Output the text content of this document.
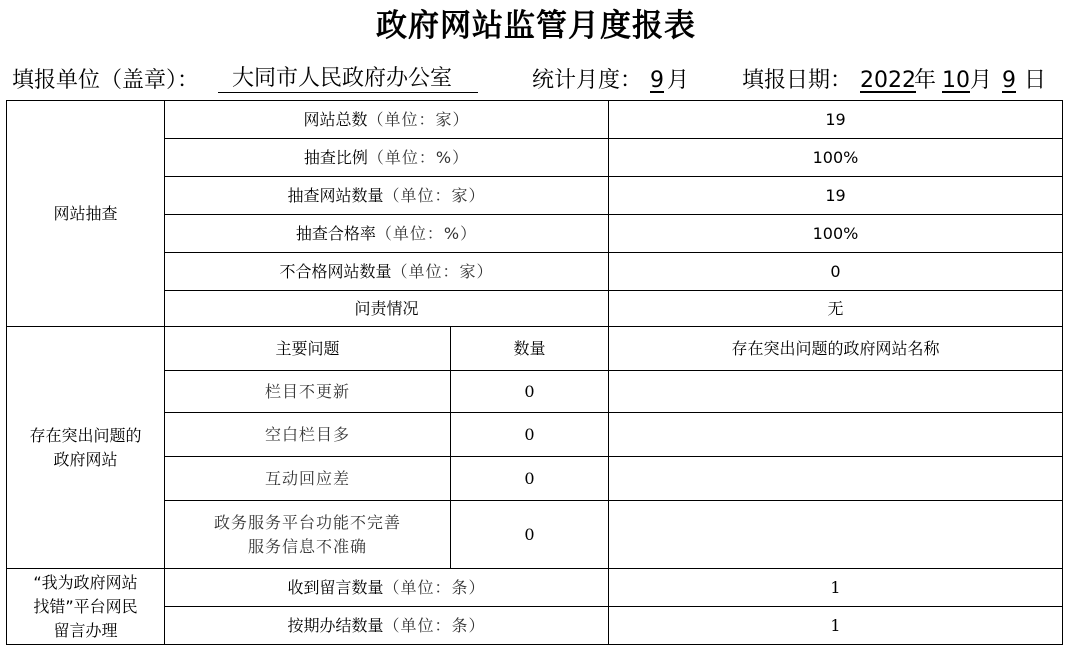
政府网站监管月度报表
填报单位（盖章）：	大同市人民政府办公室	统计月度： 9 月 填报日期： 2022
年 10 月 9 日
网站抽查	网站总数（单位：家）		19
	抽查比例（单位：%）		100%
	抽查网站数量（单位：家）		19
	抽查合格率（单位：%）		100%
	不合格网站数量（单位：家）		0
	问责情况		无

存在突出问题的
政府网站	主要问题	数量	存在突出问题的政府网站名称
	栏目不更新	0	
	空白栏目多	0	
	互动回应差	0	

	政务服务平台功能不完善
服务信息不准确	0	

“我为政府网站
找错”平台网民
留言办理	收到留言数量（单位：条）		1
	按期办结数量（单位：条）		1
